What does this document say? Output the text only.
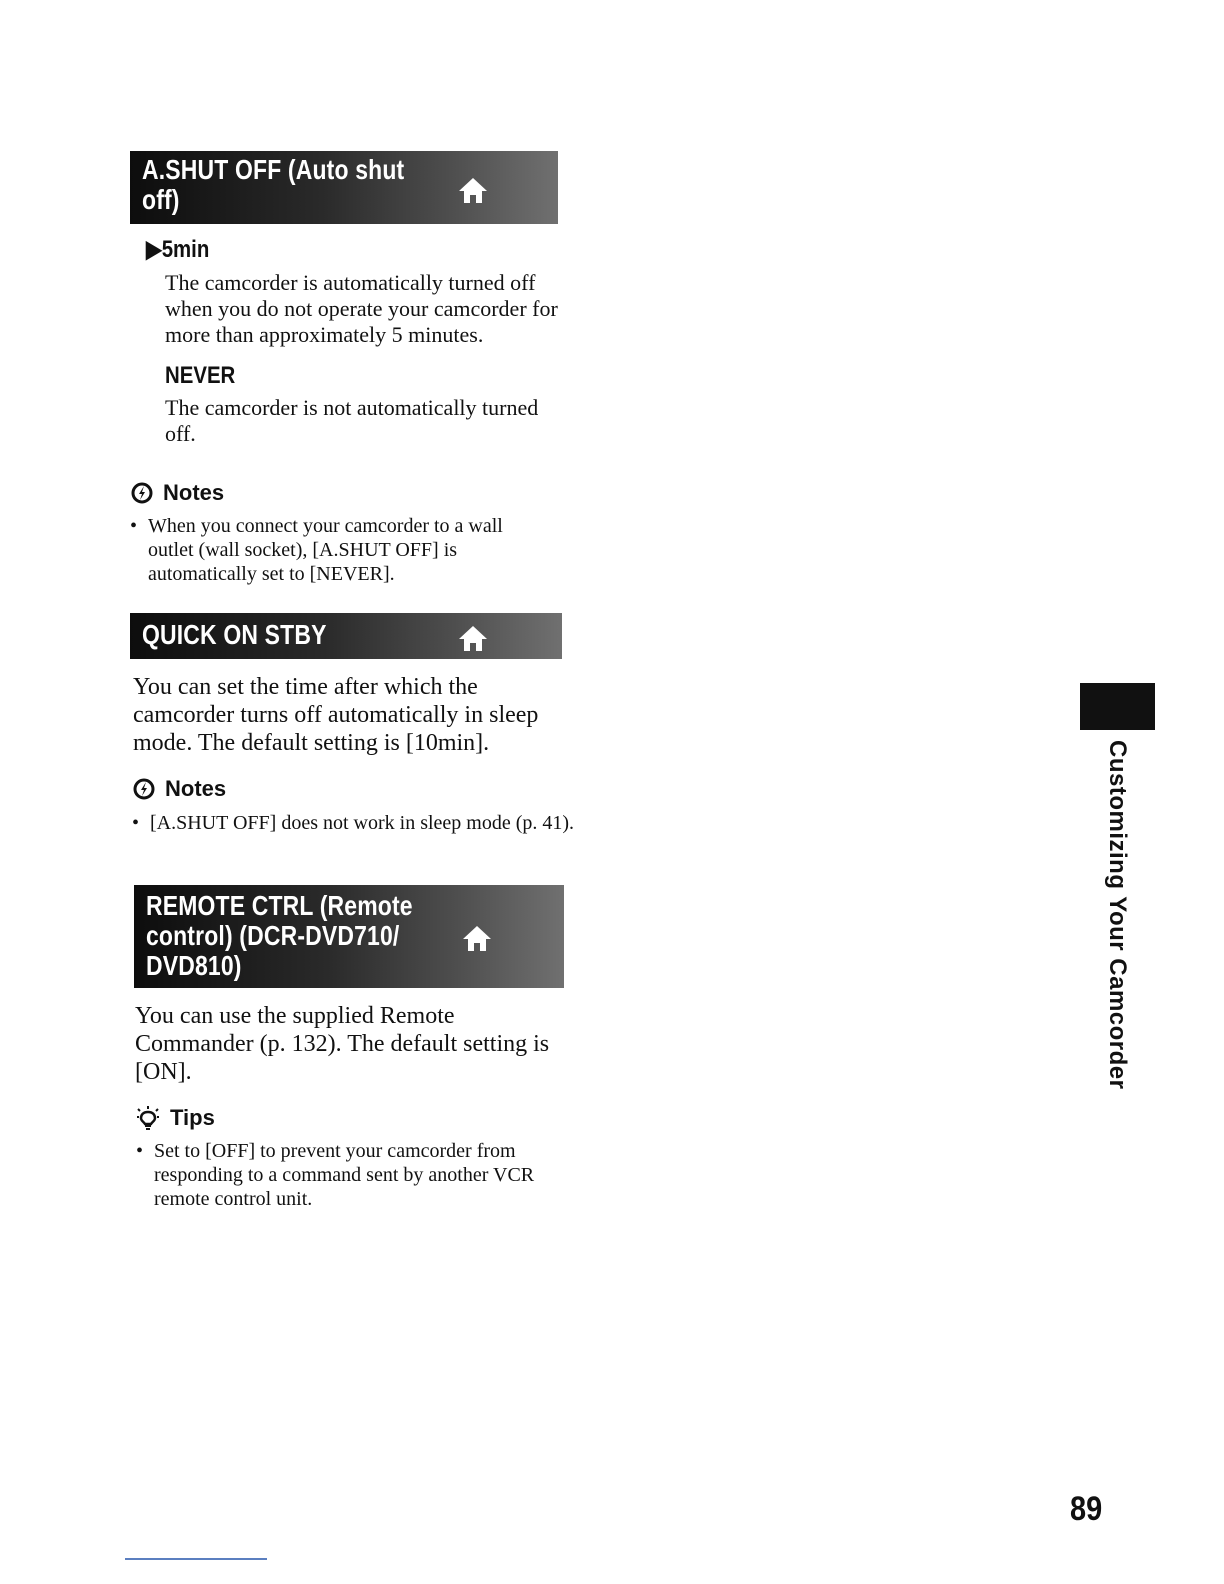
A.SHUT OFF (Auto shut
off)
▶5min
The camcorder is automatically turned off when you do not operate your camcorder for more than approximately 5 minutes.
NEVER
The camcorder is not automatically turned off.
Notes
• When you connect your camcorder to a wall outlet (wall socket), [A.SHUT OFF] is automatically set to [NEVER].
QUICK ON STBY
You can set the time after which the camcorder turns off automatically in sleep mode. The default setting is [10min].
Notes
• [A.SHUT OFF] does not work in sleep mode (p. 41).
REMOTE CTRL (Remote
control) (DCR-DVD710/
DVD810)
You can use the supplied Remote Commander (p. 132). The default setting is [ON].
Tips
• Set to [OFF] to prevent your camcorder from responding to a command sent by another VCR remote control unit.
Customizing Your Camcorder
89
